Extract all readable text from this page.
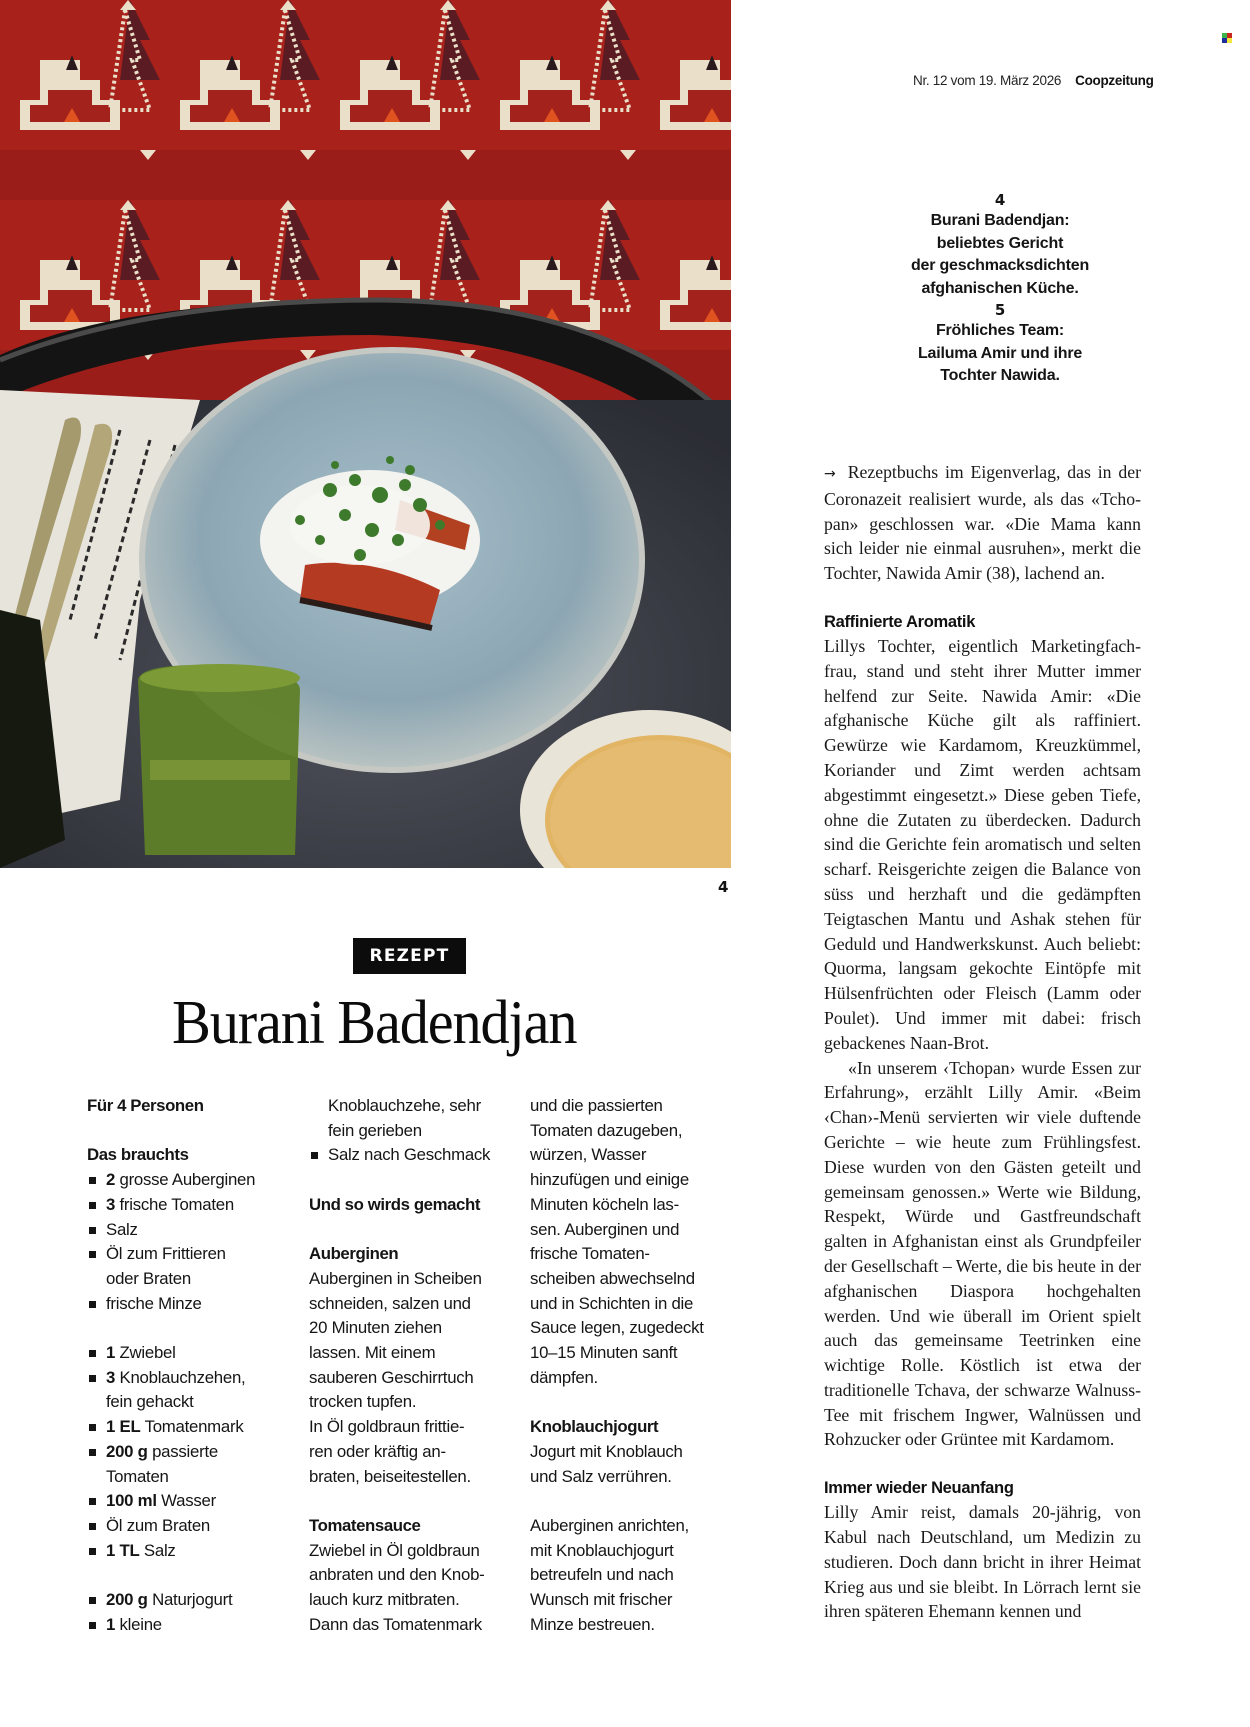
4
Nr. 12 vom 19. März 2026 Coopzeitung
4
Burani Badendjan:
beliebtes Gericht
der geschmacksdichten
afghanischen Küche.
5
Fröhliches Team:
Lailuma Amir und ihre
Tochter Nawida.

→ Rezeptbuchs im Eigenverlag, das in der Coronazeit realisiert wurde, als das «Tchopan» geschlossen war. «Die Mama kann sich leider nie einmal ausruhen», merkt die Tochter, Nawida Amir (38), lachend an.

Raffinierte Aromatik

Lillys Tochter, eigentlich Marketingfachfrau, stand und steht ihrer Mutter immer helfend zur Seite. Nawida Amir: «Die afghanische Küche gilt als raffiniert. Gewürze wie Kardamom, Kreuzkümmel, Koriander und Zimt werden achtsam abgestimmt eingesetzt.» Diese geben Tiefe, ohne die Zutaten zu überdecken. Dadurch sind die Gerichte fein aromatisch und selten scharf. Reisgerichte zeigen die Balance von süss und herzhaft und die gedämpften Teigtaschen Mantu und Ashak stehen für Geduld und Handwerkskunst. Auch beliebt: Quorma, langsam gekochte Eintöpfe mit Hülsenfrüchten oder Fleisch (Lamm oder Poulet). Und immer mit dabei: frisch gebackenes Naan-Brot.

«In unserem ‹Tchopan› wurde Essen zur Erfahrung», erzählt Lilly Amir. «Beim ‹Chan›-Menü servierten wir viele duftende Gerichte – wie heute zum Frühlingsfest. Diese wurden von den Gästen geteilt und gemeinsam genossen.» Werte wie Bildung, Respekt, Würde und Gastfreundschaft galten in Afghanistan einst als Grundpfeiler der Gesellschaft – Werte, die bis heute in der afghanischen Diaspora hochgehalten werden. Und wie überall im Orient spielt auch das gemeinsame Teetrinken eine wichtige Rolle. Köstlich ist etwa der traditionelle Tchava, der schwarze Walnuss-Tee mit frischem Ingwer, Walnüssen und Rohzucker oder Grüntee mit Kardamom.

Immer wieder Neuanfang

Lilly Amir reist, damals 20-jährig, von Kabul nach Deutschland, um Medizin zu studieren. Doch dann bricht in ihrer Heimat Krieg aus und sie bleibt. In Lörrach lernt sie ihren späteren Ehemann kennen und

REZEPT
Burani Badendjan
Für 4 Personen
Das brauchts
2 grosse Auberginen
3 frische Tomaten
Salz
Öl zum Frittieren
oder Braten
frische Minze
1 Zwiebel
3 Knoblauchzehen,
fein gehackt
1 EL Tomatenmark
200 g passierte
Tomaten
100 ml Wasser
Öl zum Braten
1 TL Salz
200 g Naturjogurt
1 kleine
Knoblauchzehe, sehr
fein gerieben
Salz nach Geschmack
Und so wirds gemacht
Auberginen
Auberginen in Scheiben
schneiden, salzen und
20 Minuten ziehen
lassen. Mit einem
sauberen Geschirrtuch
trocken tupfen.
In Öl goldbraun frittie-
ren oder kräftig an-
braten, beiseitestellen.
Tomatensauce
Zwiebel in Öl goldbraun
anbraten und den Knob-
lauch kurz mitbraten.
Dann das Tomatenmark
und die passierten
Tomaten dazugeben,
würzen, Wasser
hinzufügen und einige
Minuten köcheln las-
sen. Auberginen und
frische Tomaten-
scheiben abwechselnd
und in Schichten in die
Sauce legen, zugedeckt
10–15 Minuten sanft
dämpfen.
Knoblauchjogurt
Jogurt mit Knoblauch
und Salz verrühren.
Auberginen anrichten,
mit Knoblauchjogurt
betreufeln und nach
Wunsch mit frischer
Minze bestreuen.
